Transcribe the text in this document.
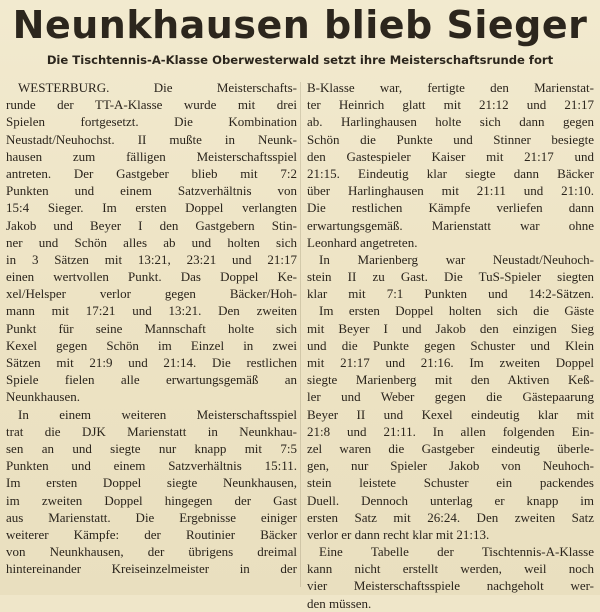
Neunkhausen blieb Sieger
Die Tischtennis-A-Klasse Oberwesterwald setzt ihre Meisterschaftsrunde fort
WESTERBURG. Die Meisterschafts-
runde der TT-A-Klasse wurde mit drei
Spielen fortgesetzt. Die Kombination
Neustadt/Neuhochst. II mußte in Neunk-
hausen zum fälligen Meisterschaftsspiel
antreten. Der Gastgeber blieb mit 7:2
Punkten und einem Satzverhältnis von
15:4 Sieger. Im ersten Doppel verlangten
Jakob und Beyer I den Gastgebern Stin-
ner und Schön alles ab und holten sich
in 3 Sätzen mit 13:21, 23:21 und 21:17
einen wertvollen Punkt. Das Doppel Ke-
xel/Helsper verlor gegen Bäcker/Hoh-
mann mit 17:21 und 13:21. Den zweiten
Punkt für seine Mannschaft holte sich
Kexel gegen Schön im Einzel in zwei
Sätzen mit 21:9 und 21:14. Die restlichen
Spiele fielen alle erwartungsgemäß an
Neunkhausen.
In einem weiteren Meisterschaftsspiel
trat die DJK Marienstatt in Neunkhau-
sen an und siegte nur knapp mit 7:5
Punkten und einem Satzverhältnis 15:11.
Im ersten Doppel siegte Neunkhausen,
im zweiten Doppel hingegen der Gast
aus Marienstatt. Die Ergebnisse einiger
weiterer Kämpfe: der Routinier Bäcker
von Neunkhausen, der übrigens dreimal
hintereinander Kreiseinzelmeister in der
B-Klasse war, fertigte den Marienstat-
ter Heinrich glatt mit 21:12 und 21:17
ab. Harlinghausen holte sich dann gegen
Schön die Punkte und Stinner besiegte
den Gastespieler Kaiser mit 21:17 und
21:15. Eindeutig klar siegte dann Bäcker
über Harlinghausen mit 21:11 und 21:10.
Die restlichen Kämpfe verliefen dann
erwartungsgemäß. Marienstatt war ohne
Leonhard angetreten.
In Marienberg war Neustadt/Neuhoch-
stein II zu Gast. Die TuS-Spieler siegten
klar mit 7:1 Punkten und 14:2-Sätzen.
Im ersten Doppel holten sich die Gäste
mit Beyer I und Jakob den einzigen Sieg
und die Punkte gegen Schuster und Klein
mit 21:17 und 21:16. Im zweiten Doppel
siegte Marienberg mit den Aktiven Keß-
ler und Weber gegen die Gästepaarung
Beyer II und Kexel eindeutig klar mit
21:8 und 21:11. In allen folgenden Ein-
zel waren die Gastgeber eindeutig überle-
gen, nur Spieler Jakob von Neuhoch-
stein leistete Schuster ein packendes
Duell. Dennoch unterlag er knapp im
ersten Satz mit 26:24. Den zweiten Satz
verlor er dann recht klar mit 21:13.
Eine Tabelle der Tischtennis-A-Klasse
kann nicht erstellt werden, weil noch
vier Meisterschaftsspiele nachgeholt wer-
den müssen.
